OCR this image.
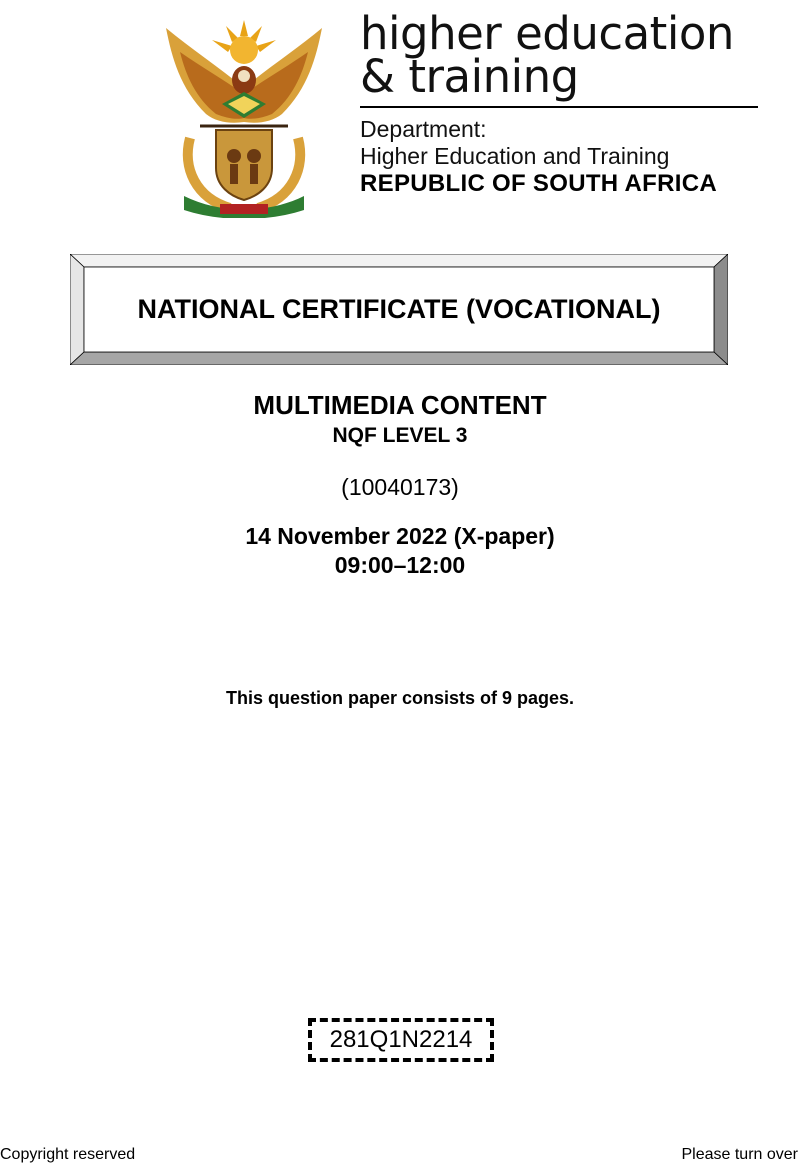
higher education
& training
Department:
Higher Education and Training
REPUBLIC OF SOUTH AFRICA
NATIONAL CERTIFICATE (VOCATIONAL)
MULTIMEDIA CONTENT
NQF LEVEL 3
(10040173)
14 November 2022 (X-paper)
09:00–12:00
This question paper consists of 9 pages.
281Q1N2214
Copyright reserved	Please turn over
